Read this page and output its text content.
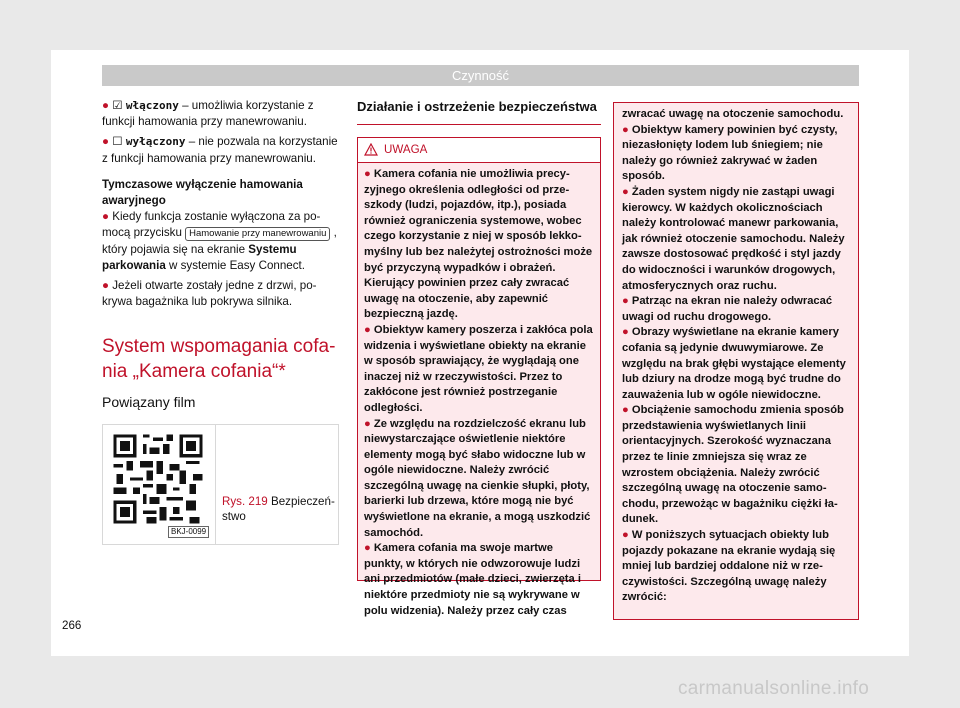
Czynność

● ☑ włączony – umożliwia korzystanie z funkcji hamowania przy manewrowaniu.

● ☐ wyłączony – nie pozwala na korzystanie z funkcji hamowania przy manewrowaniu.

Tymczasowe wyłączenie hamowania awaryjnego

● Kiedy funkcja zostanie wyłączona za pomocą przycisku Hamowanie przy manewrowaniu , który pojawia się na ekranie Systemu parkowania w systemie Easy Connect.

● Jeżeli otwarte zostały jedne z drzwi, pokrywa bagażnika lub pokrywa silnika.

System wspomagania cofania „Kamera cofania“*

Powiązany film

BKJ-0099
Rys. 219 Bezpieczeństwo

Działanie i ostrzeżenie bezpieczeństwa

UWAGA

● Kamera cofania nie umożliwia precyzyjnego określenia odległości od przeszkody (ludzi, pojazdów, itp.), posiada również ograniczenia systemowe, wobec czego korzystanie z niej w sposób lekkomyślny lub bez należytej ostrożności może być przyczyną wypadków i obrażeń. Kierujący powinien przez cały zwracać uwagę na otoczenie, aby zapewnić bezpieczną jazdę.

● Obiektyw kamery poszerza i zakłóca pola widzenia i wyświetlane obiekty na ekranie w sposób sprawiający, że wyglądają one inaczej niż w rzeczywistości. Przez to zakłócone jest również postrzeganie odległości.

● Ze względu na rozdzielczość ekranu lub niewystarczające oświetlenie niektóre elementy mogą być słabo widoczne lub w ogóle niewidoczne. Należy zwrócić szczególną uwagę na cienkie słupki, płoty, barierki lub drzewa, które mogą nie być wyświetlone na ekranie, a mogą uszkodzić samochód.

● Kamera cofania ma swoje martwe punkty, w których nie odwzorowuje ludzi ani przedmiotów (małe dzieci, zwierzęta i niektóre przedmioty nie są wykrywane w polu widzenia). Należy przez cały czas

zwracać uwagę na otoczenie samochodu.

● Obiektyw kamery powinien być czysty, niezasłonięty lodem lub śniegiem; nie należy go również zakrywać w żaden sposób.

● Żaden system nigdy nie zastąpi uwagi kierowcy. W każdych okolicznościach należy kontrolować manewr parkowania, jak również otoczenie samochodu. Należy zawsze dostosować prędkość i styl jazdy do widoczności i warunków drogowych, atmosferycznych oraz ruchu.

● Patrząc na ekran nie należy odwracać uwagi od ruchu drogowego.

● Obrazy wyświetlane na ekranie kamery cofania są jedynie dwuwymiarowe. Ze względu na brak głębi wystające elementy lub dziury na drodze mogą być trudne do zauważenia lub w ogóle niewidoczne.

● Obciążenie samochodu zmienia sposób przedstawienia wyświetlanych linii orientacyjnych. Szerokość wyznaczana przez te linie zmniejsza się wraz ze wzrostem obciążenia. Należy zwrócić szczególną uwagę na otoczenie samochodu, przewożąc w bagażniku ciężki ładunek.

● W poniższych sytuacjach obiekty lub pojazdy pokazane na ekranie wydają się mniej lub bardziej oddalone niż w rzeczywistości. Szczególną uwagę należy zwrócić:

266
carmanualsonline.info
